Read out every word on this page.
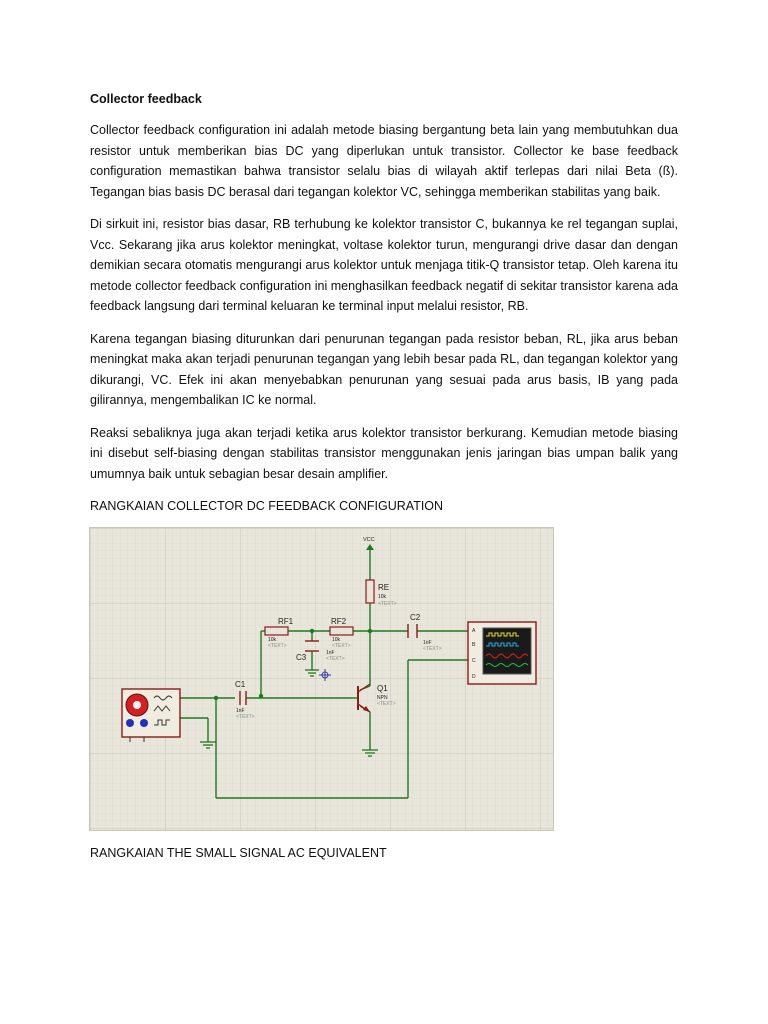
Collector feedback

Collector feedback configuration ini adalah metode biasing bergantung beta lain yang membutuhkan dua resistor untuk memberikan bias DC yang diperlukan untuk transistor. Collector ke base feedback configuration memastikan bahwa transistor selalu bias di wilayah aktif terlepas dari nilai Beta (ß). Tegangan bias basis DC berasal dari tegangan kolektor VC, sehingga memberikan stabilitas yang baik.

Di sirkuit ini, resistor bias dasar, RB terhubung ke kolektor transistor C, bukannya ke rel tegangan suplai, Vcc. Sekarang jika arus kolektor meningkat, voltase kolektor turun, mengurangi drive dasar dan dengan demikian secara otomatis mengurangi arus kolektor untuk menjaga titik-Q transistor tetap. Oleh karena itu metode collector feedback configuration ini menghasilkan feedback negatif di sekitar transistor karena ada feedback langsung dari terminal keluaran ke terminal input melalui resistor, RB.

Karena tegangan biasing diturunkan dari penurunan tegangan pada resistor beban, RL, jika arus beban meningkat maka akan terjadi penurunan tegangan yang lebih besar pada RL, dan tegangan kolektor yang dikurangi, VC. Efek ini akan menyebabkan penurunan yang sesuai pada arus basis, IB yang pada gilirannya, mengembalikan IC ke normal.

Reaksi sebaliknya juga akan terjadi ketika arus kolektor transistor berkurang. Kemudian metode biasing ini disebut self-biasing dengan stabilitas transistor menggunakan jenis jaringan bias umpan balik yang umumnya baik untuk sebagian besar desain amplifier.

RANGKAIAN COLLECTOR DC FEEDBACK CONFIGURATION
VCC
RE
10k
<TEXT>
RF1
10k
<TEXT>
RF2
10k
<TEXT>
C3	1nF
<TEXT>
C2
1nF
<TEXT>
C1
1nF
<TEXT>
Q1
NPN
<TEXT>
A
B
C
D
RANGKAIAN THE SMALL SIGNAL AC EQUIVALENT
